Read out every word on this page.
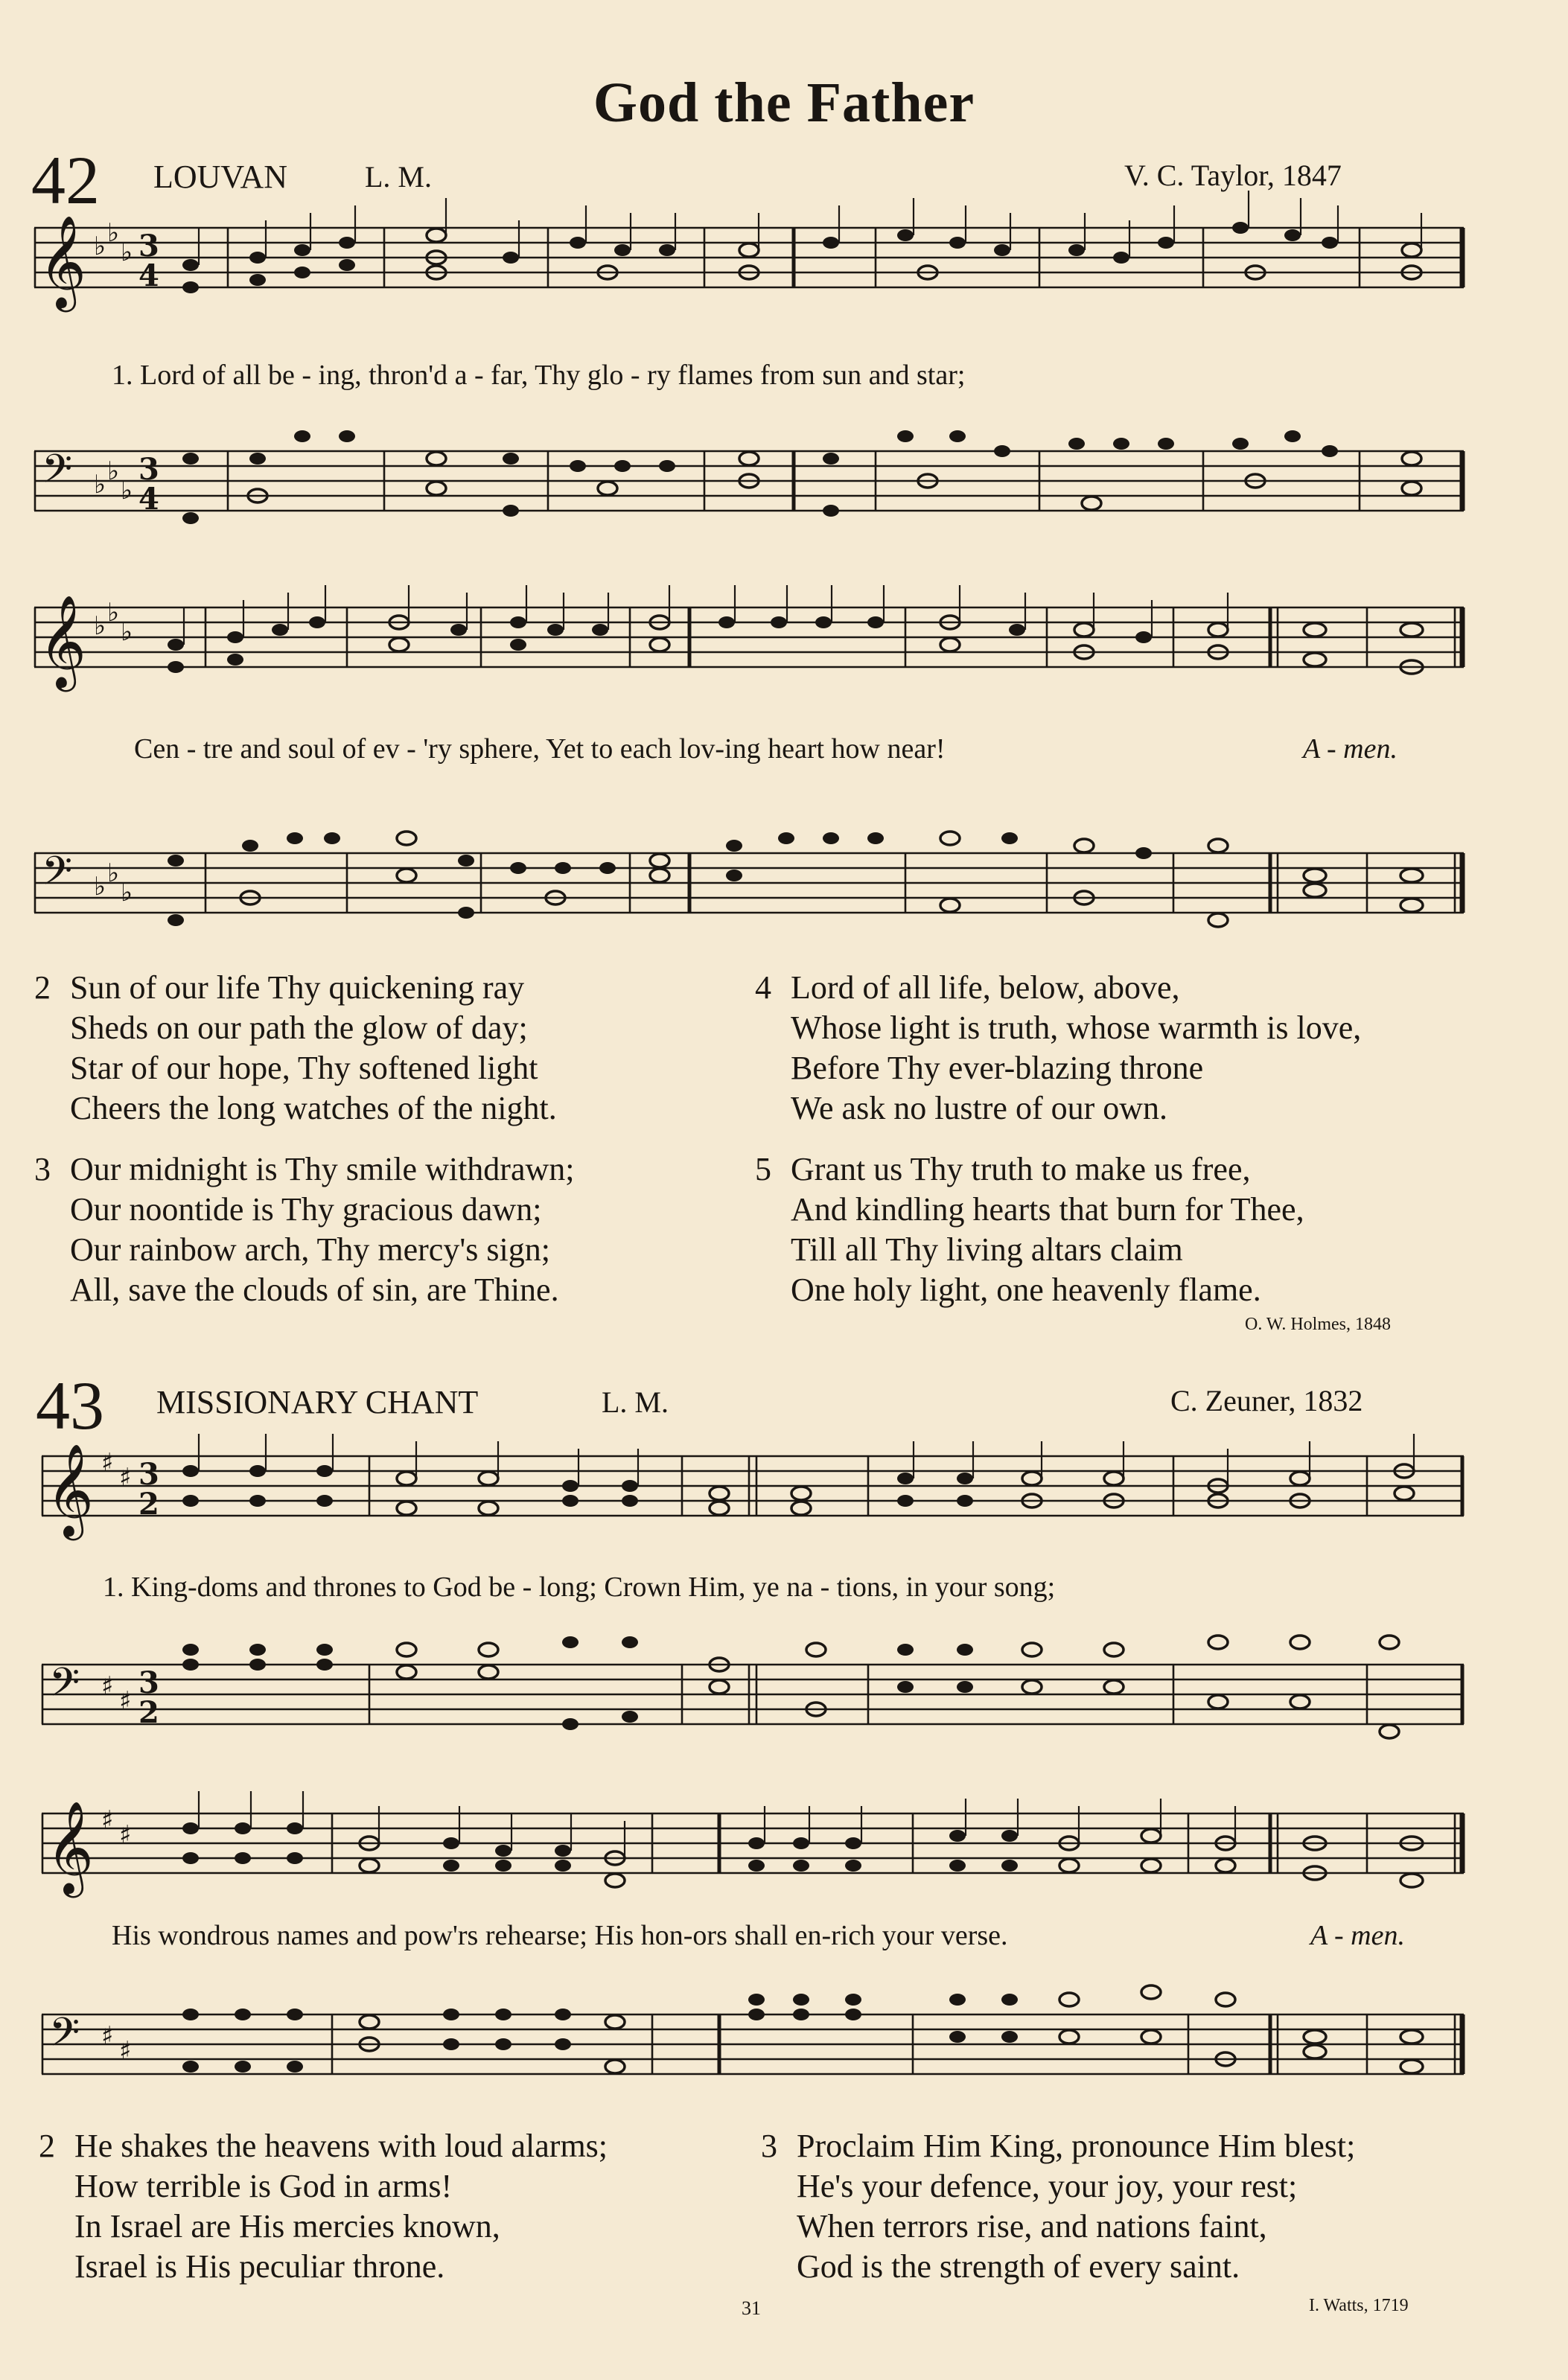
God the Father
42 LOUVAN	L. M.	V. C. Taylor, 1847
𝄞 ♭ ♭
♭ 3
4
1. Lord of all be - ing, thron'd a - far, Thy glo - ry flames from sun and star;
𝄢 ♭ ♭
♭
3
4
𝄞 ♭ ♭
♭
Cen - tre and soul of ev - 'ry sphere, Yet to each lov-ing heart how near!	A - men.
𝄢 ♭ ♭
♭
2 Sun of our life Thy quickening ray
Sheds on our path the glow of day;
Star of our hope, Thy softened light
Cheers the long watches of the night.
3 Our midnight is Thy smile withdrawn;
Our noontide is Thy gracious dawn;
Our rainbow arch, Thy mercy's sign;
All, save the clouds of sin, are Thine.
4 Lord of all life, below, above,
Whose light is truth, whose warmth is love,
Before Thy ever-blazing throne
We ask no lustre of our own.
5 Grant us Thy truth to make us free,
And kindling hearts that burn for Thee,
Till all Thy living altars claim
One holy light, one heavenly flame.
O. W. Holmes, 1848
43 MISSIONARY CHANT	L. M.	C. Zeuner, 1832
𝄞 ♯ ♯ 3
2
1. King-doms and thrones to God be - long; Crown Him, ye na - tions, in your song;
𝄢 ♯ ♯
3
2
𝄞 ♯ ♯
His wondrous names and pow'rs rehearse; His hon-ors shall en-rich your verse.	A - men.
𝄢 ♯ ♯
2 He shakes the heavens with loud alarms;
How terrible is God in arms!
In Israel are His mercies known,
Israel is His peculiar throne.
3 Proclaim Him King, pronounce Him blest;
He's your defence, your joy, your rest;
When terrors rise, and nations faint,
God is the strength of every saint.
31	I. Watts, 1719
